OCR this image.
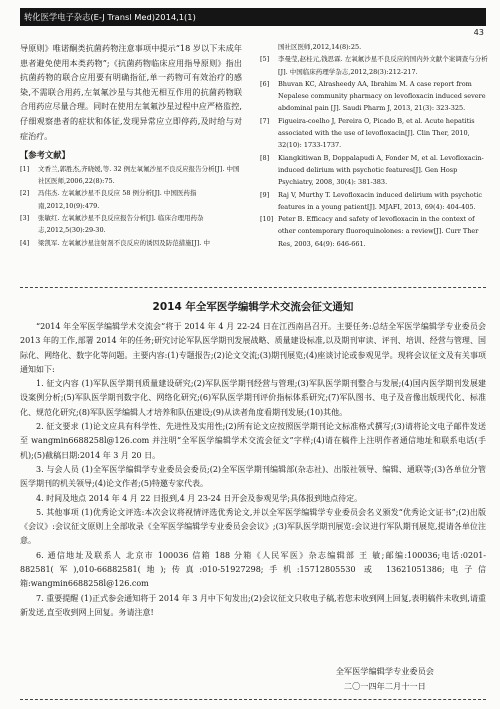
转化医学电子杂志(E-J Transl Med)2014,1(1)
43

导原则》唯诺酮类抗菌药物注意事项中提示“18 岁以下未成年患者避免使用本类药物”;《抗菌药物临床应用指导原则》指出抗菌药物的联合应用要有明确指征,单一药物可有效治疗的感染,不需联合用药,左氧氟沙星与其他无相互作用的抗菌药物联合用药应尽量合理。同时在使用左氧氟沙星过程中应严格监控,仔细观察患者的症状和体征,发现异常应立即停药,及时给与对症治疗。

【参考文献】
[1]	文香兰,郭胜杰,齐晓媛,等. 32 例左氧氟沙星不良反应报告分析[J]. 中国社区医师,2006,22(8):75.
[2]	冯伟杰. 左氧氟沙星不良反应 58 例分析[J]. 中国医药指南,2012,10(9):479.
[3]	张敏红. 左氧氟沙星不良反应报告分析[J]. 临床合理用药杂志,2012,5(30):29-30.
[4]	梁凯军. 左氧氟沙星注射剂不良反应的诱因及防范措施[J]. 中
国社区医师,2012,14(8):25.
[5]	李曼莹,赵桂元,钱思霖. 左氧氟沙星不良反应的国内外文献个案调查与分析[J]. 中国临床药理学杂志,2012,28(3):212-217.
[6]	Bhuvan KC, Alrasheedy AA, Ibrahim M. A case report from Nepalese community pharmacy on levofloxacin induced severe abdominal pain [J]. Saudi Pharm J, 2013, 21(3): 323-325.
[7]	Figueira-coelho J, Pereira O, Picado B, et al. Acute hepatitis associated with the use of levofloxacin[J]. Clin Ther, 2010, 32(10): 1733-1737.
[8]	Kiangkitiwan B, Doppalapudi A, Fonder M, et al. Levofloxacin-induced delirium with psychotic features[J]. Gen Hosp Psychiatry, 2008, 30(4): 381-383.
[9]	Raj V, Murthy T. Levofloxacin induced delirium with psychotic features in a young patient[J]. MJAFI, 2013, 69(4): 404-405.
[10] Peter B. Efficacy and safety of levofloxacin in the context of other contemporary fluoroquinolones: a review[J]. Curr Ther Res, 2003, 64(9): 646-661.
2014 年全军医学编辑学术交流会征文通知

“2014 年全军医学编辑学术交流会”将于 2014 年 4 月 22-24 日在江西南昌召开。主要任务:总结全军医学编辑学专业委员会 2013 年的工作,部署 2014 年的任务;研究讨论军队医学期刊发展战略、质量建设标准,以及期刊审读、评刊、培训、经营与管理、国际化、网络化、数字化等问题。主要内容:(1)专题报告;(2)论文交流;(3)期刊展览;(4)座谈讨论或参观见学。现将会议征文及有关事项通知如下:

1. 征文内容 (1)军队医学期刊质量建设研究;(2)军队医学期刊经营与管理;(3)军队医学期刊整合与发展;(4)国内医学期刊发展建设案例分析;(5)军队医学期刊数字化、网络化研究;(6)军队医学期刊评价指标体系研究;(7)军队图书、电子及音像出版现代化、标准化、规范化研究;(8)军队医学编辑人才培养和队伍建设;(9)从读者角度看期刊发展;(10)其他。

2. 征文要求 (1)论文应具有科学性、先进性及实用性;(2)所有论文应按照医学期刊论文标准格式撰写;(3)请将论文电子邮件发送至 wangmin6688258l@126.com 并注明“全军医学编辑学术交流会征文”字样;(4)请在稿件上注明作者通信地址和联系电话(手机);(5)截稿日期:2014 年 3 月 20 日。

3. 与会人员 (1)全军医学编辑学专业委员会委员;(2)全军医学期刊编辑部(杂志社)、出版社领导、编辑、通联等;(3)各单位分管医学期刊的机关领导;(4)论文作者;(5)特邀专家代表。

4. 时间及地点 2014 年 4 月 22 日报到,4 月 23-24 日开会及参观见学;具体报到地点待定。

5. 其他事项 (1)优秀论文评选:本次会议将视情评选优秀论文,并以全军医学编辑学专业委员会名义颁发“优秀论文证书”;(2)出版《会议》:会议征文原则上全部收录《全军医学编辑学专业委员会会议》;(3)军队医学期刊展览:会议进行军队期刊展览,提请各单位注意。

6. 通信地址及联系人 北京市 100036 信箱 188 分箱《人民军医》杂志编辑部 王 敏;邮编:100036;电话:0201-882581(军),010-66882581(地);传真:010-51927298;手机:15712805530 或 13621051386;电子信箱:wangmin6688258l@126.com

7. 重要提醒 (1)正式参会通知将于 2014 年 3 月中下旬发出;(2)会议征文只收电子稿,若您未收到网上回复,表明稿件未收到,请重新发送,直至收到网上回复。务请注意!

全军医学编辑学专业委员会
二〇一四年二月十一日
